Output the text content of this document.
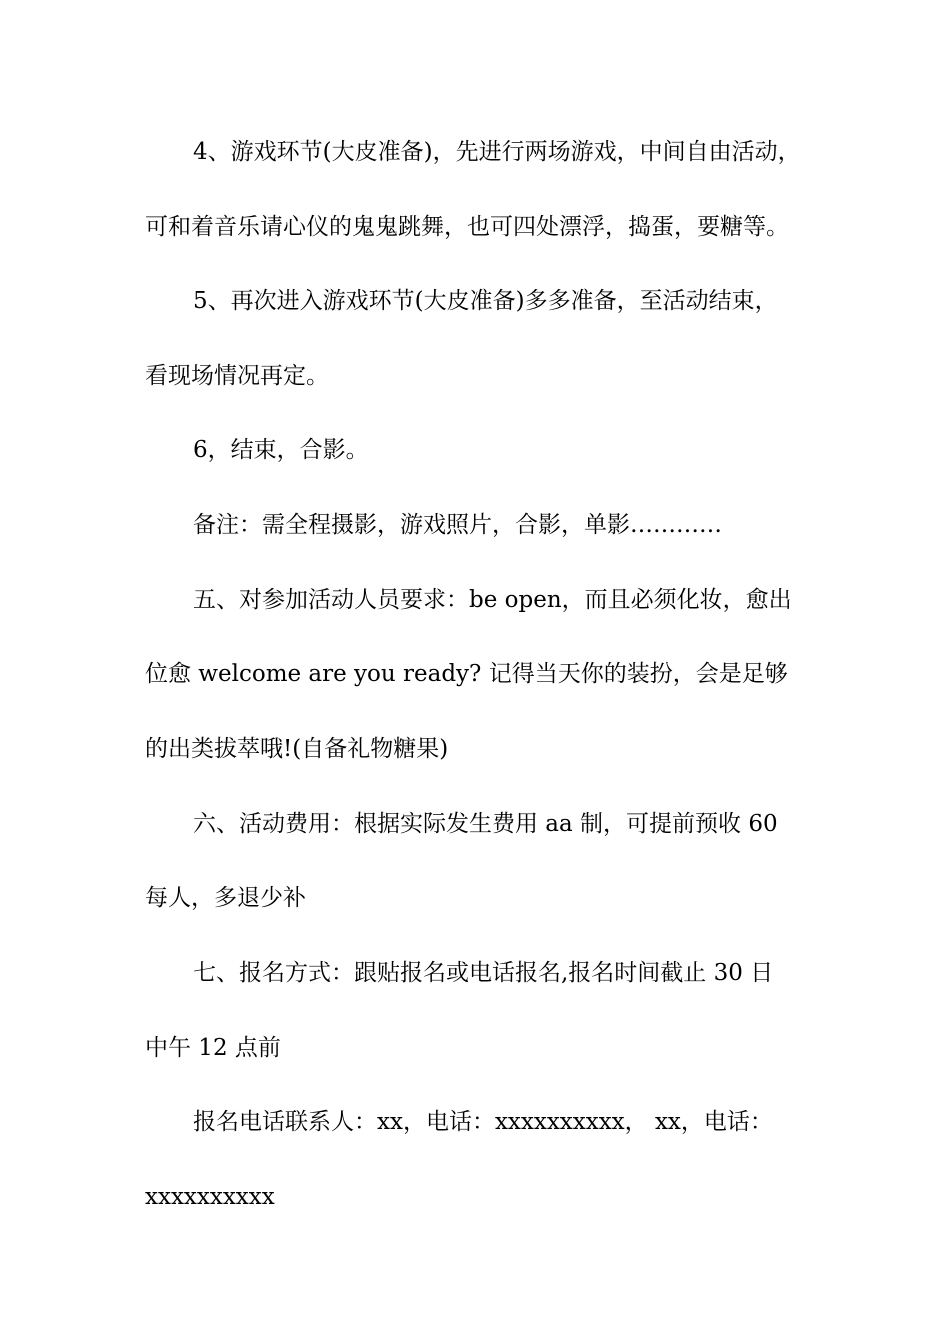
4、游戏环节(大皮准备)，先进行两场游戏，中间自由活动，

可和着音乐请心仪的鬼鬼跳舞，也可四处漂浮，捣蛋，要糖等。

5、再次进入游戏环节(大皮准备)多多准备，至活动结束，

看现场情况再定。

6，结束，合影。

备注：需全程摄影，游戏照片，合影，单影…………

五、对参加活动人员要求：be open，而且必须化妆，愈出

位愈 welcome are you ready? 记得当天你的装扮，会是足够

的出类拔萃哦!(自备礼物糖果)

六、活动费用：根据实际发生费用 aa 制，可提前预收 60

每人，多退少补

七、报名方式：跟贴报名或电话报名,报名时间截止 30 日

中午 12 点前

报名电话联系人：xx，电话：xxxxxxxxxx， xx，电话：

xxxxxxxxxx
